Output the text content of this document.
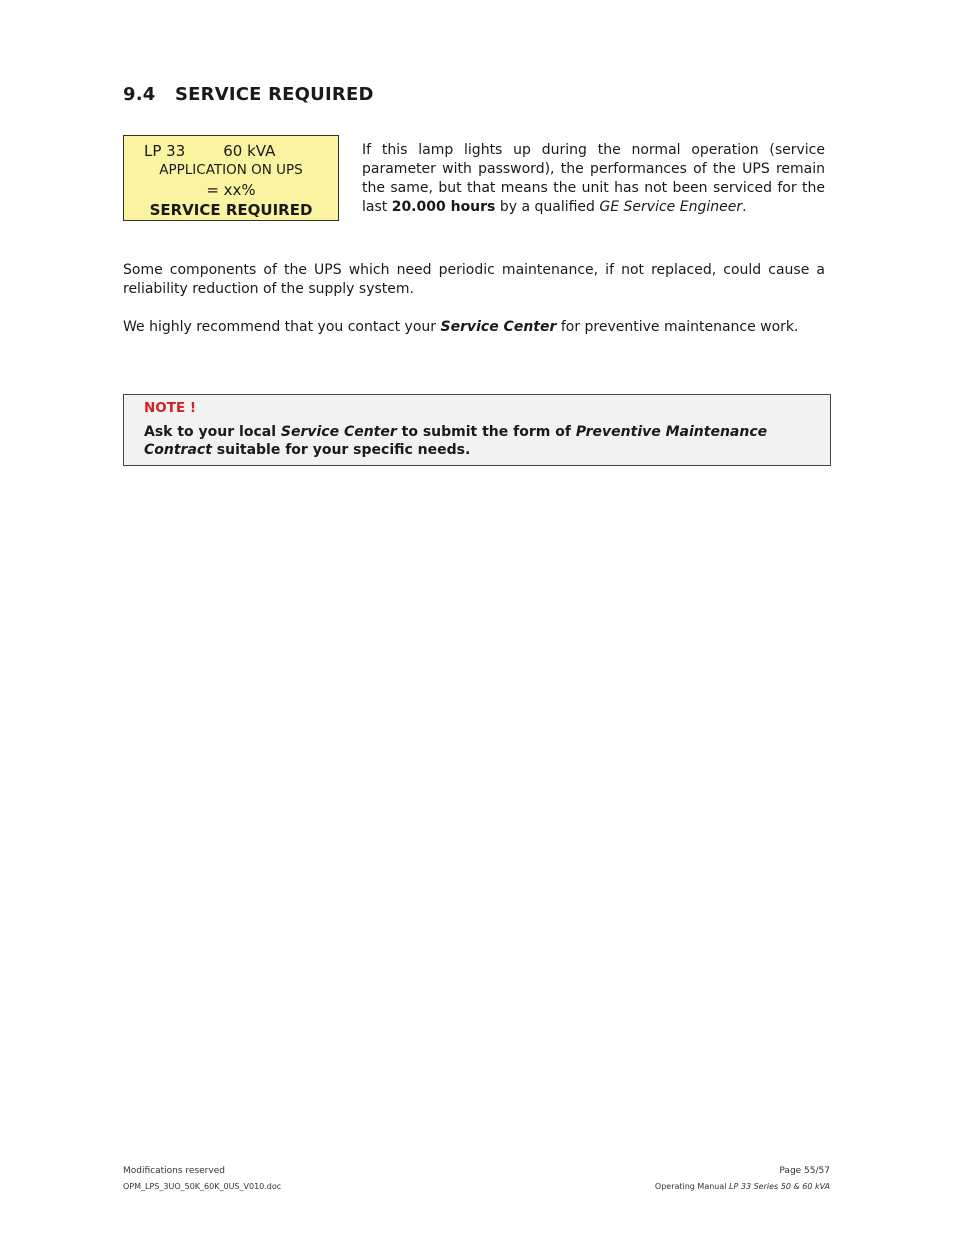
9.4 SERVICE REQUIRED
LP 33	60 kVA
APPLICATION ON UPS
= xx%
SERVICE REQUIRED
If this lamp lights up during the normal operation (service parameter with password), the performances of the UPS remain the same, but that means the unit has not been serviced for the last 20.000 hours by a qualified GE Service Engineer.
Some components of the UPS which need periodic maintenance, if not replaced, could cause a reliability reduction of the supply system.
We highly recommend that you contact your Service Center for preventive maintenance work.
NOTE !
Ask to your local Service Center to submit the form of Preventive Maintenance Contract suitable for your specific needs.
Modifications reserved
OPM_LPS_3UO_50K_60K_0US_V010.doc
Page 55/57
Operating Manual LP 33 Series 50 & 60 kVA
